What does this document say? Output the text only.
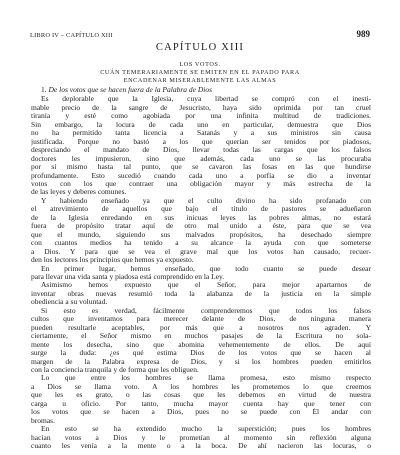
LIBRO IV – CAPÍTULO XIII	989
CAPÍTULO XIII
LOS VOTOS.
CUÁN TEMERARIAMENTE SE EMITEN EN EL PAPADO PARA
ENCADENAR MISERABLEMENTE LAS ALMAS

1. De los votos que se hacen fuera de la Palabra de Dios

Es deplorable que la Iglesia, cuya libertad se compró con el inesti-
mable precio de la sangre de Jesucristo, haya sido oprimida por tan cruel
tiranía y esté como agobiada por una infinita multitud de tradiciones.
Sin embargo, la locura de cada uno en particular, demuestra que Dios
no ha permitido tanta licencia a Satanás y a sus ministros sin causa
justificada. Porque no bastó a los que querían ser tenidos por piadosos,
despreciando el mandato de Dios, llevar todas las cargas que los falsos
doctores les impusieron, sino que además, cada uno se las procuraba
por sí mismo hasta tal punto, que se cavaron las fosas en las que hundirse
profundamente. Esto sucedió cuando cada uno a porfía se dio a inventar
votos con los que contraer una obligación mayor y más estrecha de la
de las leyes y deberes comunes.
Y habiendo enseñado ya que el culto divino ha sido profanado con
el atrevimiento de aquellos que bajo el título de pastores se adueñaron
de la Iglesia enredando en sus inicuas leyes las pobres almas, no estará
fuera de propósito tratar aquí de otro mal unido a éste, para que se vea
que el mundo, siguiendo sus malvados propósitos, ha desechado siempre
con cuantos medios ha tenido a su alcance la ayuda con que someterse
a Dios. Y para que se vea el grave mal que los votos han causado, recuer-
den los lectores los principios que hemos ya expuesto.
En primer lugar, hemos enseñado, que todo cuanto se puede desear
para llevar una vida santa y piadosa está comprendido en la Ley.
Asimismo hemos expuesto que el Señor, para mejor apartarnos de
inventar obras nuevas resumió toda la alabanza de la justicia en la simple
obediencia a su voluntad.
Si esto es verdad, fácilmente comprenderemos que todos los falsos
cultos que inventamos para merecer delante de Dios, de ninguna manera
pueden resultarle aceptables, por más que a nosotros nos agraden. Y
ciertamente, el Señor mismo en muchos pasajes de la Escritura no sola-
mente los desecha, sino que abomina vehementemente de ellos. De aquí
surge la duda: ¿es qué estima Dios de los votos que se hacen al
margen de la Palabra expresa de Dios, y si los hombres pueden emitirlos
con la conciencia tranquila y de forma que les obliguen.
Lo que entre los hombres se llama promesa, esto mismo respecto
a Dios se llama voto. A los hombres les prometemos lo que creemos
que les es grato, o las cosas que les debemos en virtud de nuestra
carga u oficio. Por tanto, mucha mayor cuenta hay que tener con
los votos que se hacen a Dios, pues no se puede con Él andar con
bromas.
En esto se ha extendido mucho la superstición; pues los hombres
hacían votos a Dios y le prometían al momento sin reflexión alguna
cuanto les venía a la mente o a la boca. De ahí nacieron las locuras, o
